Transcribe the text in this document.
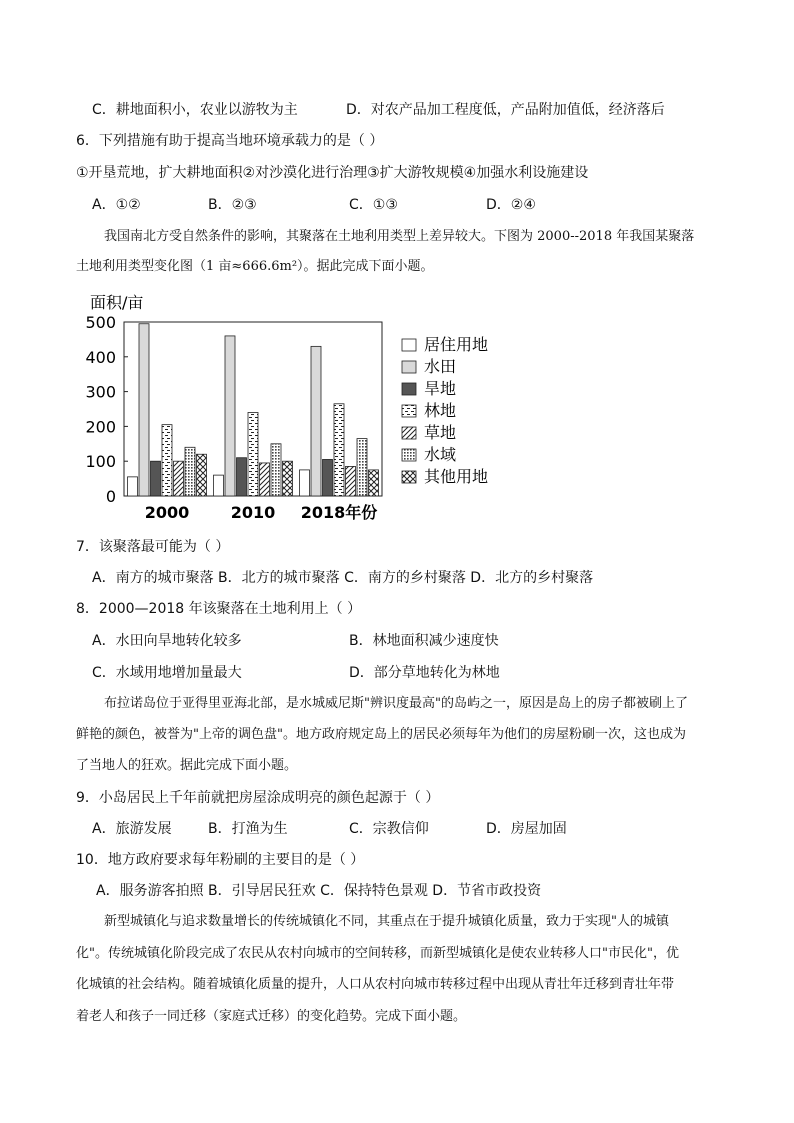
C．耕地面积小，农业以游牧为主	D．对农产品加工程度低，产品附加值低，经济落后
6．下列措施有助于提高当地环境承载力的是（ ）
①开垦荒地，扩大耕地面积②对沙漠化进行治理③扩大游牧规模④加强水利设施建设
A．①②	B．②③	C．①③	D．②④
我国南北方受自然条件的影响，其聚落在土地利用类型上差异较大。下图为 2000--2018 年我国某聚落
土地利用类型变化图（1 亩≈666.6m²）。据此完成下面小题。
面积/亩
0
100
200
300
400
500
2000	2010 2018年份
居住用地
水田
旱地
林地
草地
水域
其他用地
7．该聚落最可能为（ ）
A．南方的城市聚落 B．北方的城市聚落 C．南方的乡村聚落 D．北方的乡村聚落
8．2000—2018 年该聚落在土地利用上（ ）
A．水田向旱地转化较多	B．林地面积减少速度快
C．水域用地增加量最大	D．部分草地转化为林地
布拉诺岛位于亚得里亚海北部，是水城威尼斯"辨识度最高"的岛屿之一，原因是岛上的房子都被刷上了
鲜艳的颜色，被誉为"上帝的调色盘"。地方政府规定岛上的居民必须每年为他们的房屋粉刷一次，这也成为
了当地人的狂欢。据此完成下面小题。
9．小岛居民上千年前就把房屋涂成明亮的颜色起源于（ ）
A．旅游发展	B．打渔为生	C．宗教信仰	D．房屋加固
10．地方政府要求每年粉刷的主要目的是（ ）
A．服务游客拍照 B．引导居民狂欢 C．保持特色景观 D．节省市政投资
新型城镇化与追求数量增长的传统城镇化不同，其重点在于提升城镇化质量，致力于实现"人的城镇
化"。传统城镇化阶段完成了农民从农村向城市的空间转移，而新型城镇化是使农业转移人口"市民化"，优
化城镇的社会结构。随着城镇化质量的提升，人口从农村向城市转移过程中出现从青壮年迁移到青壮年带
着老人和孩子一同迁移（家庭式迁移）的变化趋势。完成下面小题。
